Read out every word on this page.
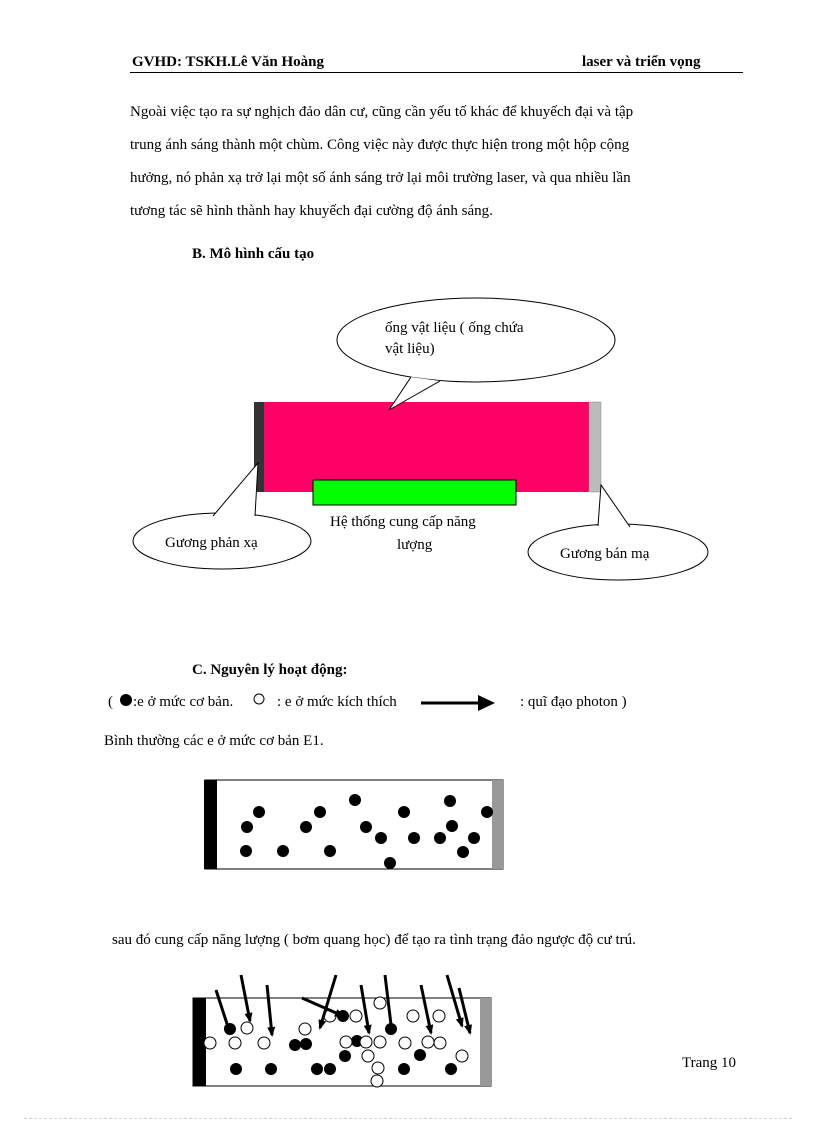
GVHD: TSKH.Lê Văn Hoàng	laser và triển vọng
Ngoài việc tạo ra sự nghịch đảo dân cư, cũng cần yếu tố khác để khuyếch đại và tập
trung ánh sáng thành một chùm. Công việc này được thực hiện trong một hộp cộng
hưởng, nó phản xạ trở lại một số ánh sáng trở lại môi trường laser, và qua nhiều lần
tương tác sẽ hình thành hay khuyếch đại cường độ ánh sáng.
B. Mô hình cấu tạo
ống vật liệu ( ống chứa
vật liệu)
Gương phản xạ
Gương bán mạ
Hệ thống cung cấp năng
lượng
( :e ở mức cơ bản.	: e ở mức kích thích	: quĩ đạo photon )
C. Nguyên lý hoạt động:
Bình thường các e ở mức cơ bản E1.
sau đó cung cấp năng lượng ( bơm quang học) để tạo ra tình trạng đảo ngược độ cư trú.
Trang 10
